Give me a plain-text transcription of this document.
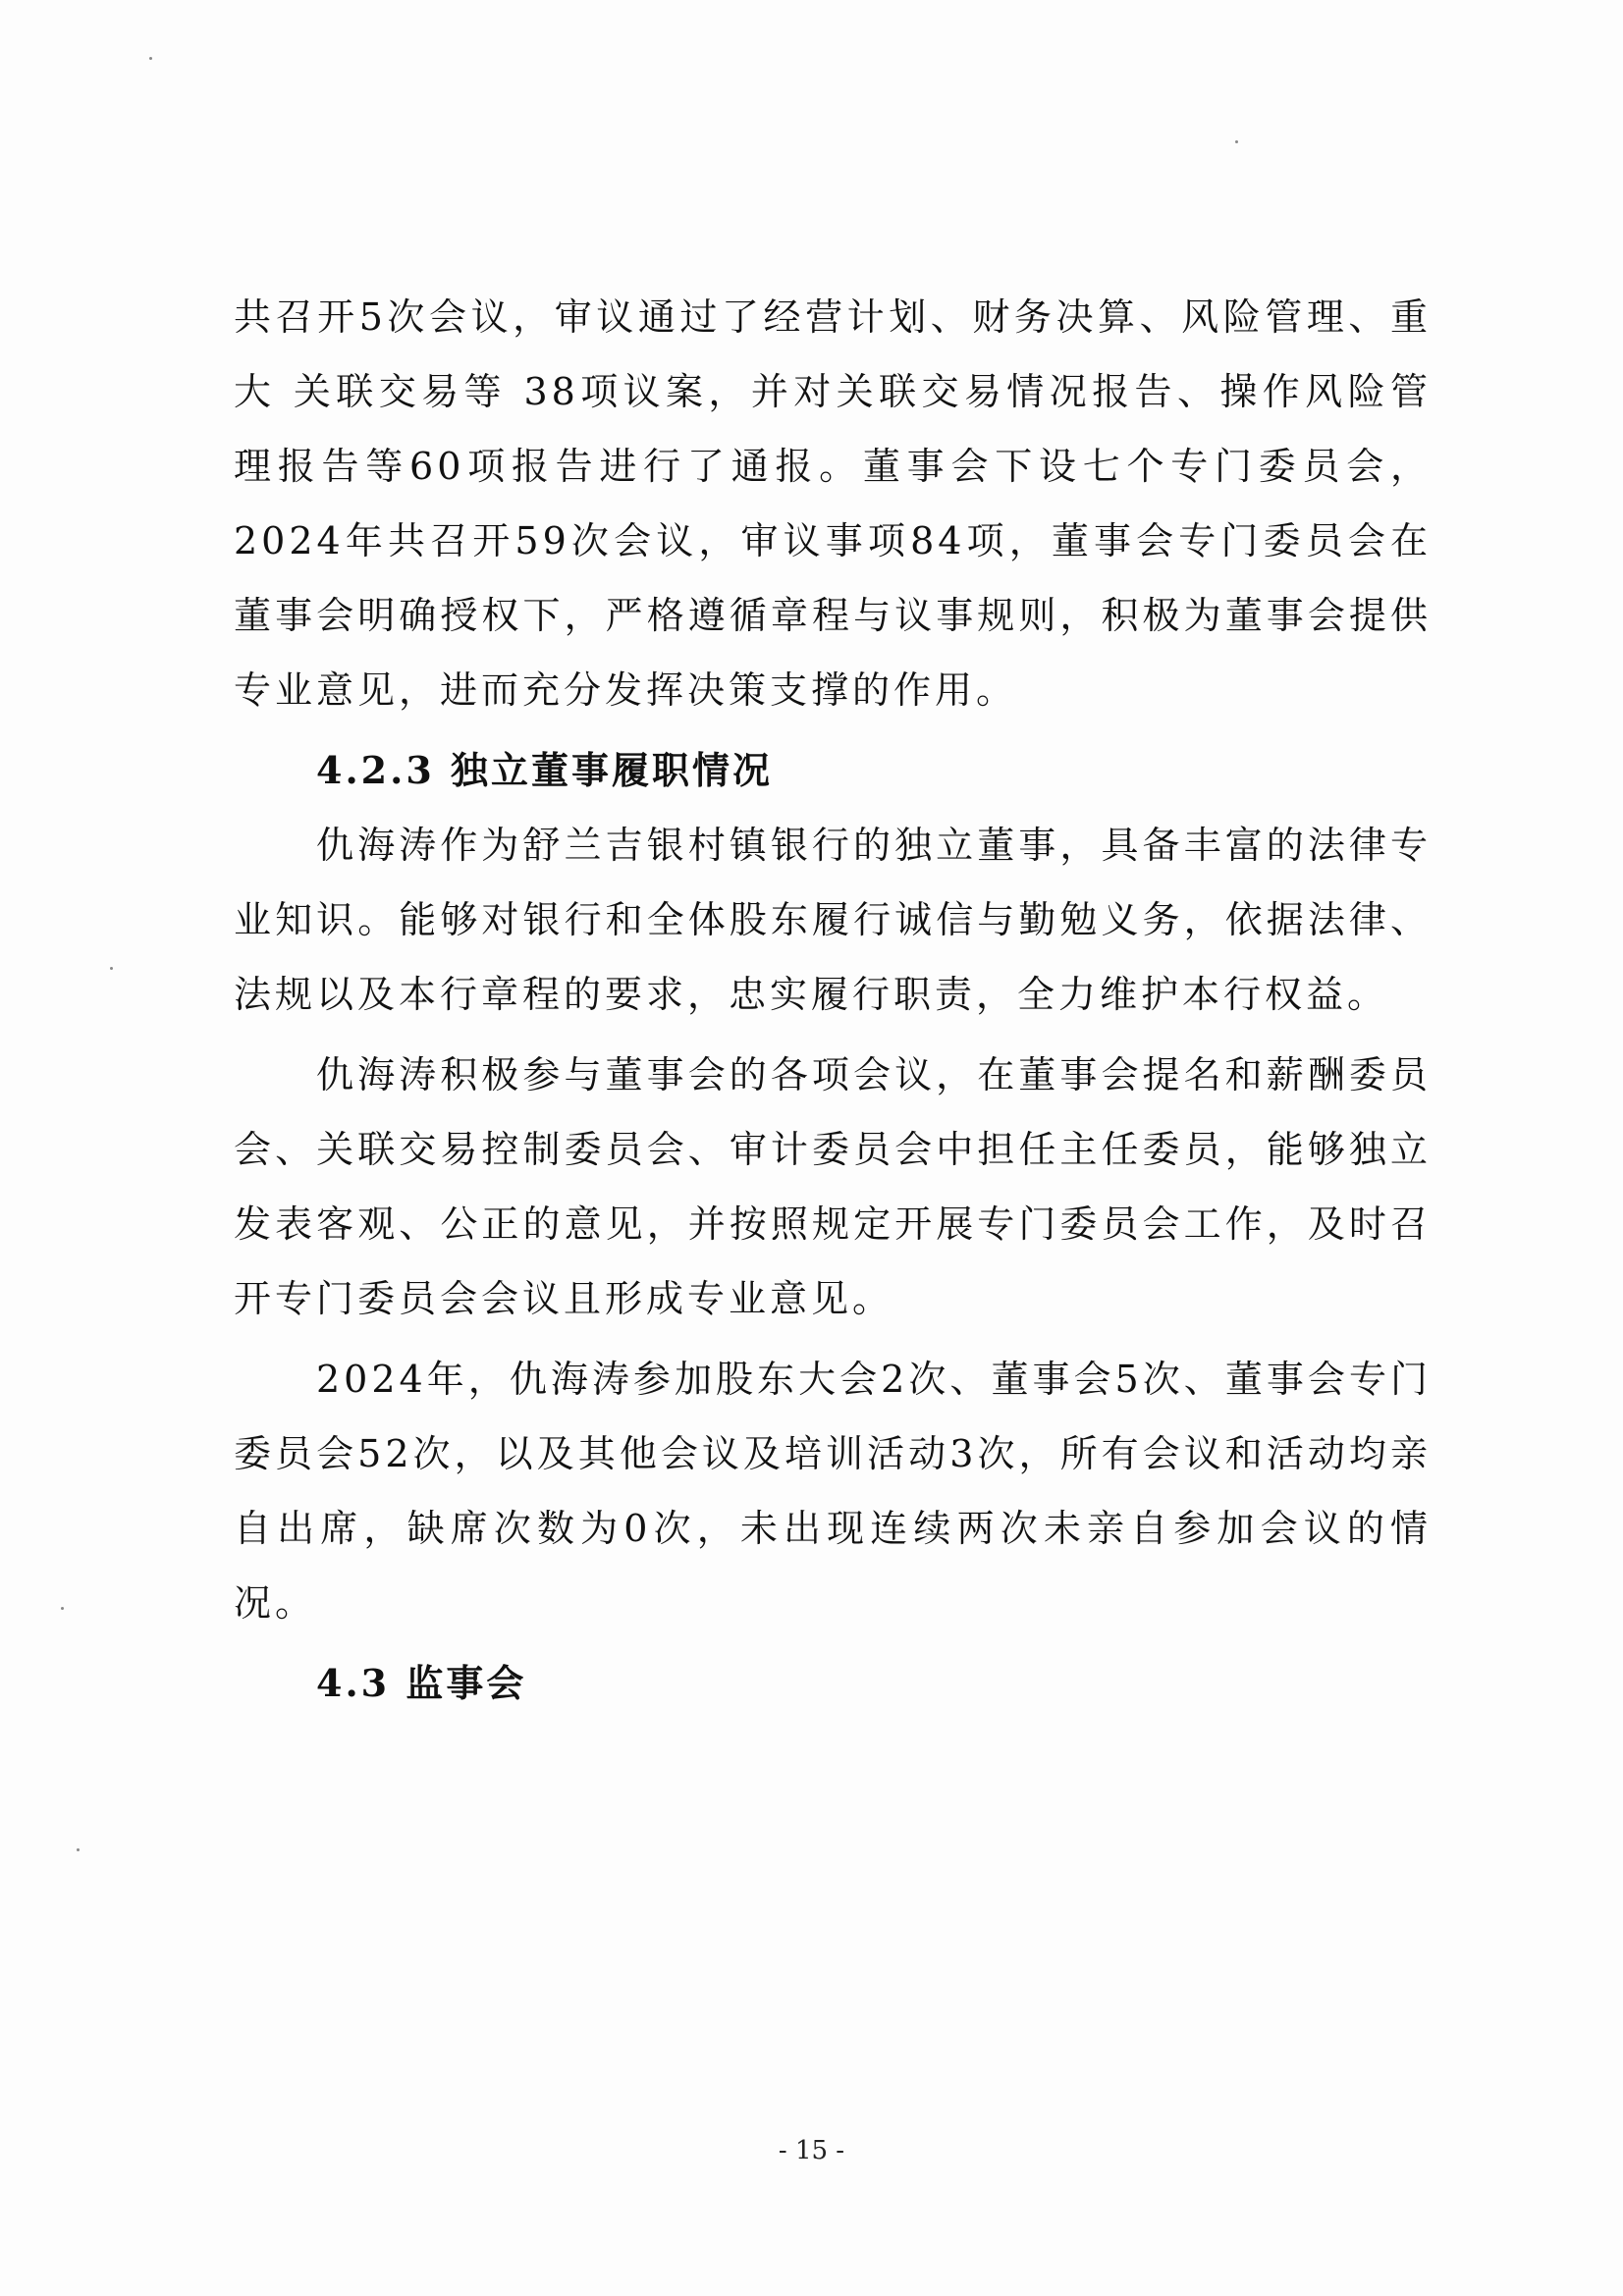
共召开5次会议，审议通过了经营计划、财务决算、风险管理、重大 关联交易等 38项议案，并对关联交易情况报告、操作风险管理报告等60项报告进行了通报。董事会下设七个专门委员会，2024年共召开59次会议，审议事项84项，董事会专门委员会在董事会明确授权下，严格遵循章程与议事规则，积极为董事会提供专业意见，进而充分发挥决策支撑的作用。

4.2.3 独立董事履职情况

仇海涛作为舒兰吉银村镇银行的独立董事，具备丰富的法律专业知识。能够对银行和全体股东履行诚信与勤勉义务，依据法律、法规以及本行章程的要求，忠实履行职责，全力维护本行权益。

仇海涛积极参与董事会的各项会议，在董事会提名和薪酬委员会、关联交易控制委员会、审计委员会中担任主任委员，能够独立发表客观、公正的意见，并按照规定开展专门委员会工作，及时召开专门委员会会议且形成专业意见。

2024年，仇海涛参加股东大会2次、董事会5次、董事会专门委员会52次，以及其他会议及培训活动3次，所有会议和活动均亲自出席，缺席次数为0次，未出现连续两次未亲自参加会议的情况。

4.3 监事会
- 15 -
